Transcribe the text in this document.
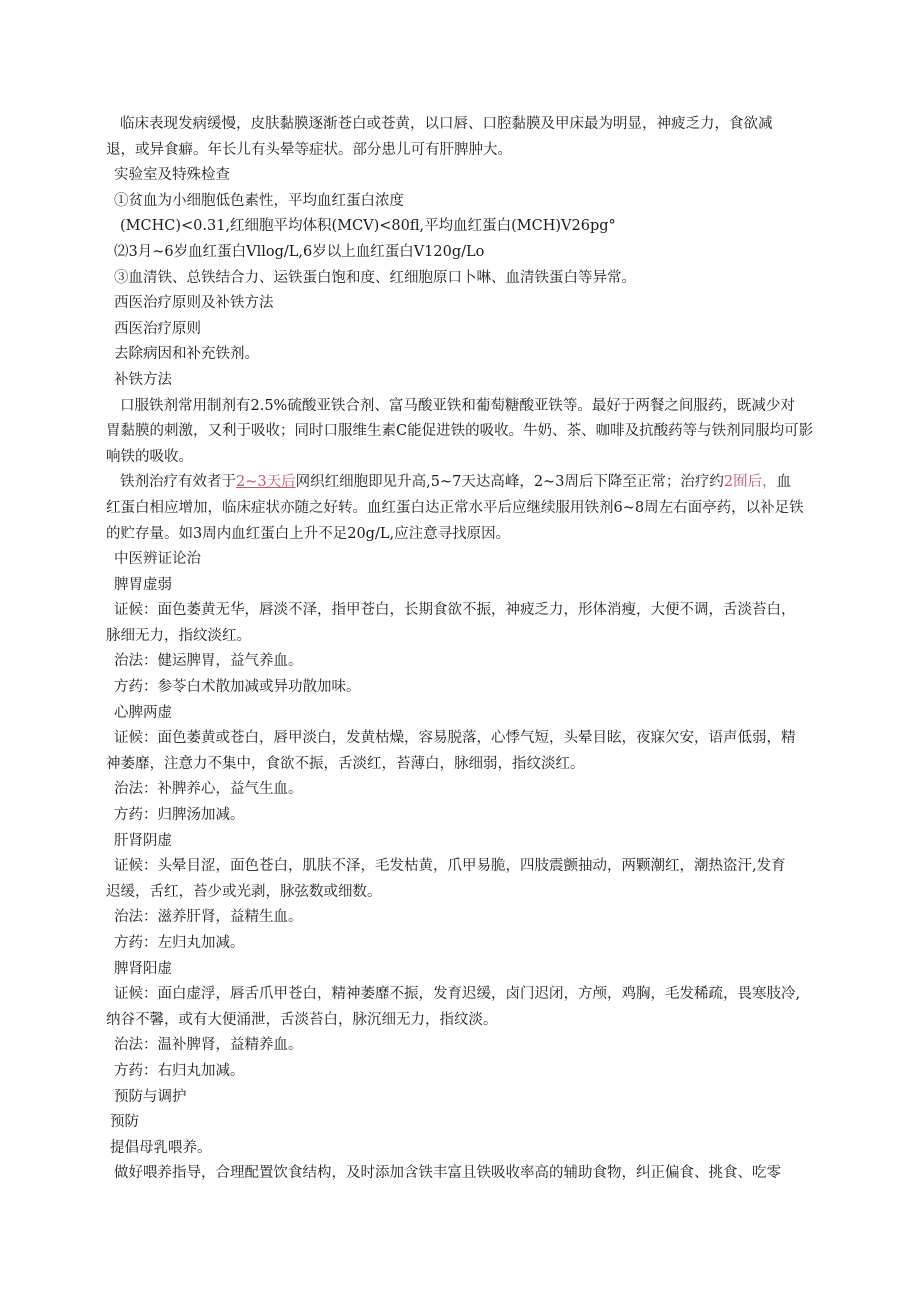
临床表现发病缓慢，皮肤黏膜逐渐苍白或苍黄，以口唇、口腔黏膜及甲床最为明显，神疲乏力，食欲减
退，或异食癖。年长儿有头晕等症状。部分患儿可有肝脾肿大。
实验室及特殊检查
①贫血为小细胞低色素性，平均血红蛋白浓度
(MCHC)<0.31,红细胞平均体积(MCV)<80fl,平均血红蛋白(MCH)V26pg°
⑵3月~6岁血红蛋白Vllog/L,6岁以上血红蛋白V120g/Lo
③血清铁、总铁结合力、运铁蛋白饱和度、红细胞原口卜啉、血清铁蛋白等异常。
西医治疗原则及补铁方法
西医治疗原则
去除病因和补充铁剂。
补铁方法
口服铁剂常用制剂有2.5%硫酸亚铁合剂、富马酸亚铁和葡萄糖酸亚铁等。最好于两餐之间服药，既减少对
胃黏膜的刺激，又利于吸收；同时口服维生素C能促进铁的吸收。牛奶、茶、咖啡及抗酸药等与铁剂同服均可影
响铁的吸收。
铁剂治疗有效者于2~3天后网织红细胞即见升高,5~7天达高峰，2~3周后下降至正常；治疗约2囿后，血
红蛋白相应增加，临床症状亦随之好转。血红蛋白达正常水平后应继续服用铁剂6~8周左右面亭药，以补足铁
的贮存量。如3周内血红蛋白上升不足20g/L,应注意寻找原因。
中医辨证论治
脾胃虚弱
证候：面色萎黄无华，唇淡不泽，指甲苍白，长期食欲不振，神疲乏力，形体消瘦，大便不调，舌淡苔白，
脉细无力，指纹淡红。
治法：健运脾胃，益气养血。
方药：参苓白术散加减或异功散加味。
心脾两虚
证候：面色萎黄或苍白，唇甲淡白，发黄枯燥，容易脱落，心悸气短，头晕目眩，夜寐欠安，语声低弱，精
神萎靡，注意力不集中，食欲不振，舌淡红，苔薄白，脉细弱，指纹淡红。
治法：补脾养心，益气生血。
方药：归脾汤加减。
肝肾阴虚
证候：头晕目涩，面色苍白，肌肤不泽，毛发枯黄，爪甲易脆，四肢震颤抽动，两颗潮红，潮热盗汗,发育
迟缓，舌红，苔少或光剥，脉弦数或细数。
治法：滋养肝肾，益精生血。
方药：左归丸加减。
脾肾阳虚
证候：面白虚浮，唇舌爪甲苍白，精神萎靡不振，发育迟缓，卤门迟闭，方颅，鸡胸，毛发稀疏，畏寒肢冷,
纳谷不馨，或有大便涌泄，舌淡苔白，脉沉细无力，指纹淡。
治法：温补脾肾，益精养血。
方药：右归丸加减。
预防与调护
预防
提倡母乳喂养。
做好喂养指导，合理配置饮食结构，及时添加含铁丰富且铁吸收率高的辅助食物，纠正偏食、挑食、吃零
